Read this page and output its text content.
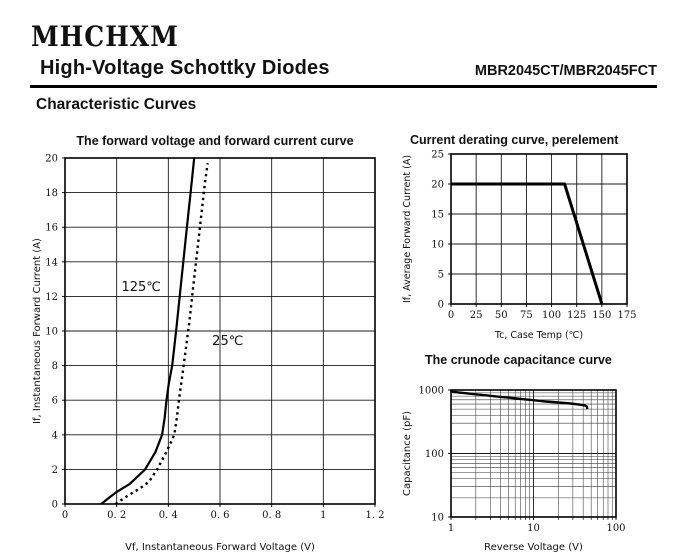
MHCHXM
High-Voltage Schottky Diodes	MBR2045CT/MBR2045FCT
Characteristic Curves
The forward voltage and forward current curve
0	0. 2	0. 4	0. 6	0. 8	1	1. 2
0
2
4
6
8
10
12
14
16
18
20
125℃
25℃
Vf, Instantaneous Forward Voltage (V)
If, Instantaneous Forward Current (A)
Current derating curve, perelement
0 25 50 75 100 125 150 175
0
5
10
15
20
25
Tc, Case Temp (℃)
If, Average Forward Current (A)
The crunode capacitance curve
1	10	100
10
100
1000
Reverse Voltage (V)
Capacitance (pF)
